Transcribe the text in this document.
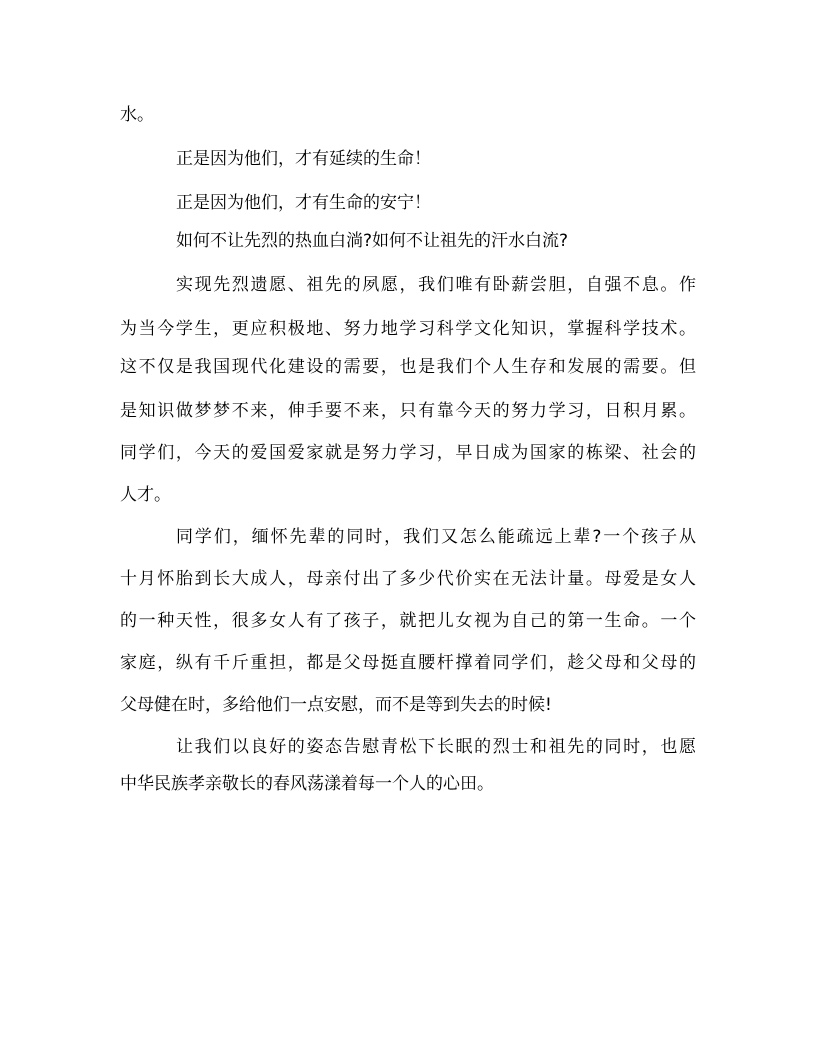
水。

正是因为他们，才有延续的生命！

正是因为他们，才有生命的安宁！

如何不让先烈的热血白淌?如何不让祖先的汗水白流?

实现先烈遗愿、祖先的夙愿，我们唯有卧薪尝胆，自强不息。作

为当今学生，更应积极地、努力地学习科学文化知识，掌握科学技术。

这不仅是我国现代化建设的需要，也是我们个人生存和发展的需要。但

是知识做梦梦不来，伸手要不来，只有靠今天的努力学习，日积月累。

同学们，今天的爱国爱家就是努力学习，早日成为国家的栋梁、社会的

人才。

同学们，缅怀先辈的同时，我们又怎么能疏远上辈?一个孩子从

十月怀胎到长大成人，母亲付出了多少代价实在无法计量。母爱是女人

的一种天性，很多女人有了孩子，就把儿女视为自己的第一生命。一个

家庭，纵有千斤重担，都是父母挺直腰杆撑着同学们，趁父母和父母的

父母健在时，多给他们一点安慰，而不是等到失去的时候!

让我们以良好的姿态告慰青松下长眠的烈士和祖先的同时，也愿

中华民族孝亲敬长的春风荡漾着每一个人的心田。
